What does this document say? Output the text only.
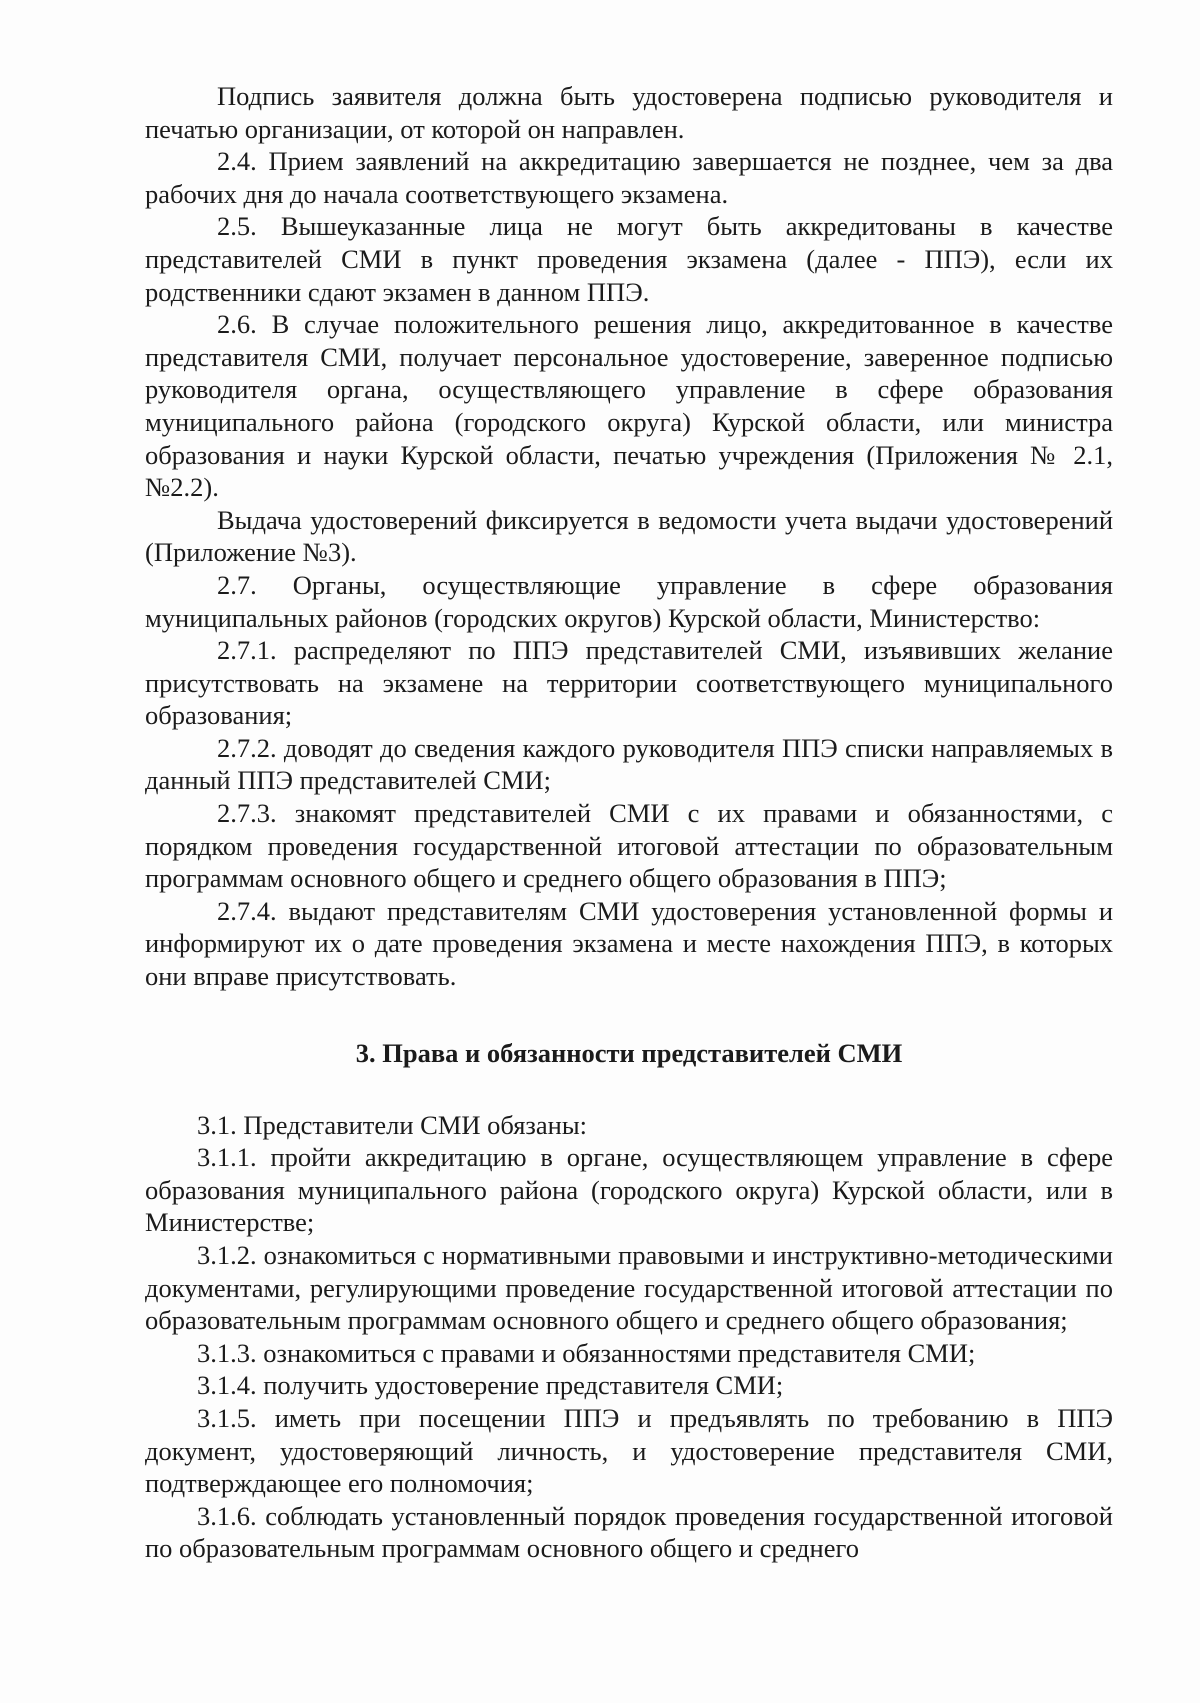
Подпись заявителя должна быть удостоверена подписью руководителя и печатью организации, от которой он направлен.

2.4. Прием заявлений на аккредитацию завершается не позднее, чем за два рабочих дня до начала соответствующего экзамена.

2.5. Вышеуказанные лица не могут быть аккредитованы в качестве представителей СМИ в пункт проведения экзамена (далее - ППЭ), если их родственники сдают экзамен в данном ППЭ.

2.6. В случае положительного решения лицо, аккредитованное в качестве представителя СМИ, получает персональное удостоверение, заверенное подписью руководителя органа, осуществляющего управление в сфере образования муниципального района (городского округа) Курской области, или министра образования и науки Курской области, печатью учреждения (Приложения № 2.1, №2.2).

Выдача удостоверений фиксируется в ведомости учета выдачи удостоверений (Приложение №3).

2.7. Органы, осуществляющие управление в сфере образования муниципальных районов (городских округов) Курской области, Министерство:

2.7.1. распределяют по ППЭ представителей СМИ, изъявивших желание присутствовать на экзамене на территории соответствующего муниципального образования;

2.7.2. доводят до сведения каждого руководителя ППЭ списки направляемых в данный ППЭ представителей СМИ;

2.7.3. знакомят представителей СМИ с их правами и обязанностями, с порядком проведения государственной итоговой аттестации по образовательным программам основного общего и среднего общего образования в ППЭ;

2.7.4. выдают представителям СМИ удостоверения установленной формы и информируют их о дате проведения экзамена и месте нахождения ППЭ, в которых они вправе присутствовать.

3. Права и обязанности представителей СМИ

3.1. Представители СМИ обязаны:

3.1.1. пройти аккредитацию в органе, осуществляющем управление в сфере образования муниципального района (городского округа) Курской области, или в Министерстве;

3.1.2. ознакомиться с нормативными правовыми и инструктивно-методическими документами, регулирующими проведение государственной итоговой аттестации по образовательным программам основного общего и среднего общего образования;

3.1.3. ознакомиться с правами и обязанностями представителя СМИ;

3.1.4. получить удостоверение представителя СМИ;

3.1.5. иметь при посещении ППЭ и предъявлять по требованию в ППЭ документ, удостоверяющий личность, и удостоверение представителя СМИ, подтверждающее его полномочия;

3.1.6. соблюдать установленный порядок проведения государственной итоговой по образовательным программам основного общего и среднего
